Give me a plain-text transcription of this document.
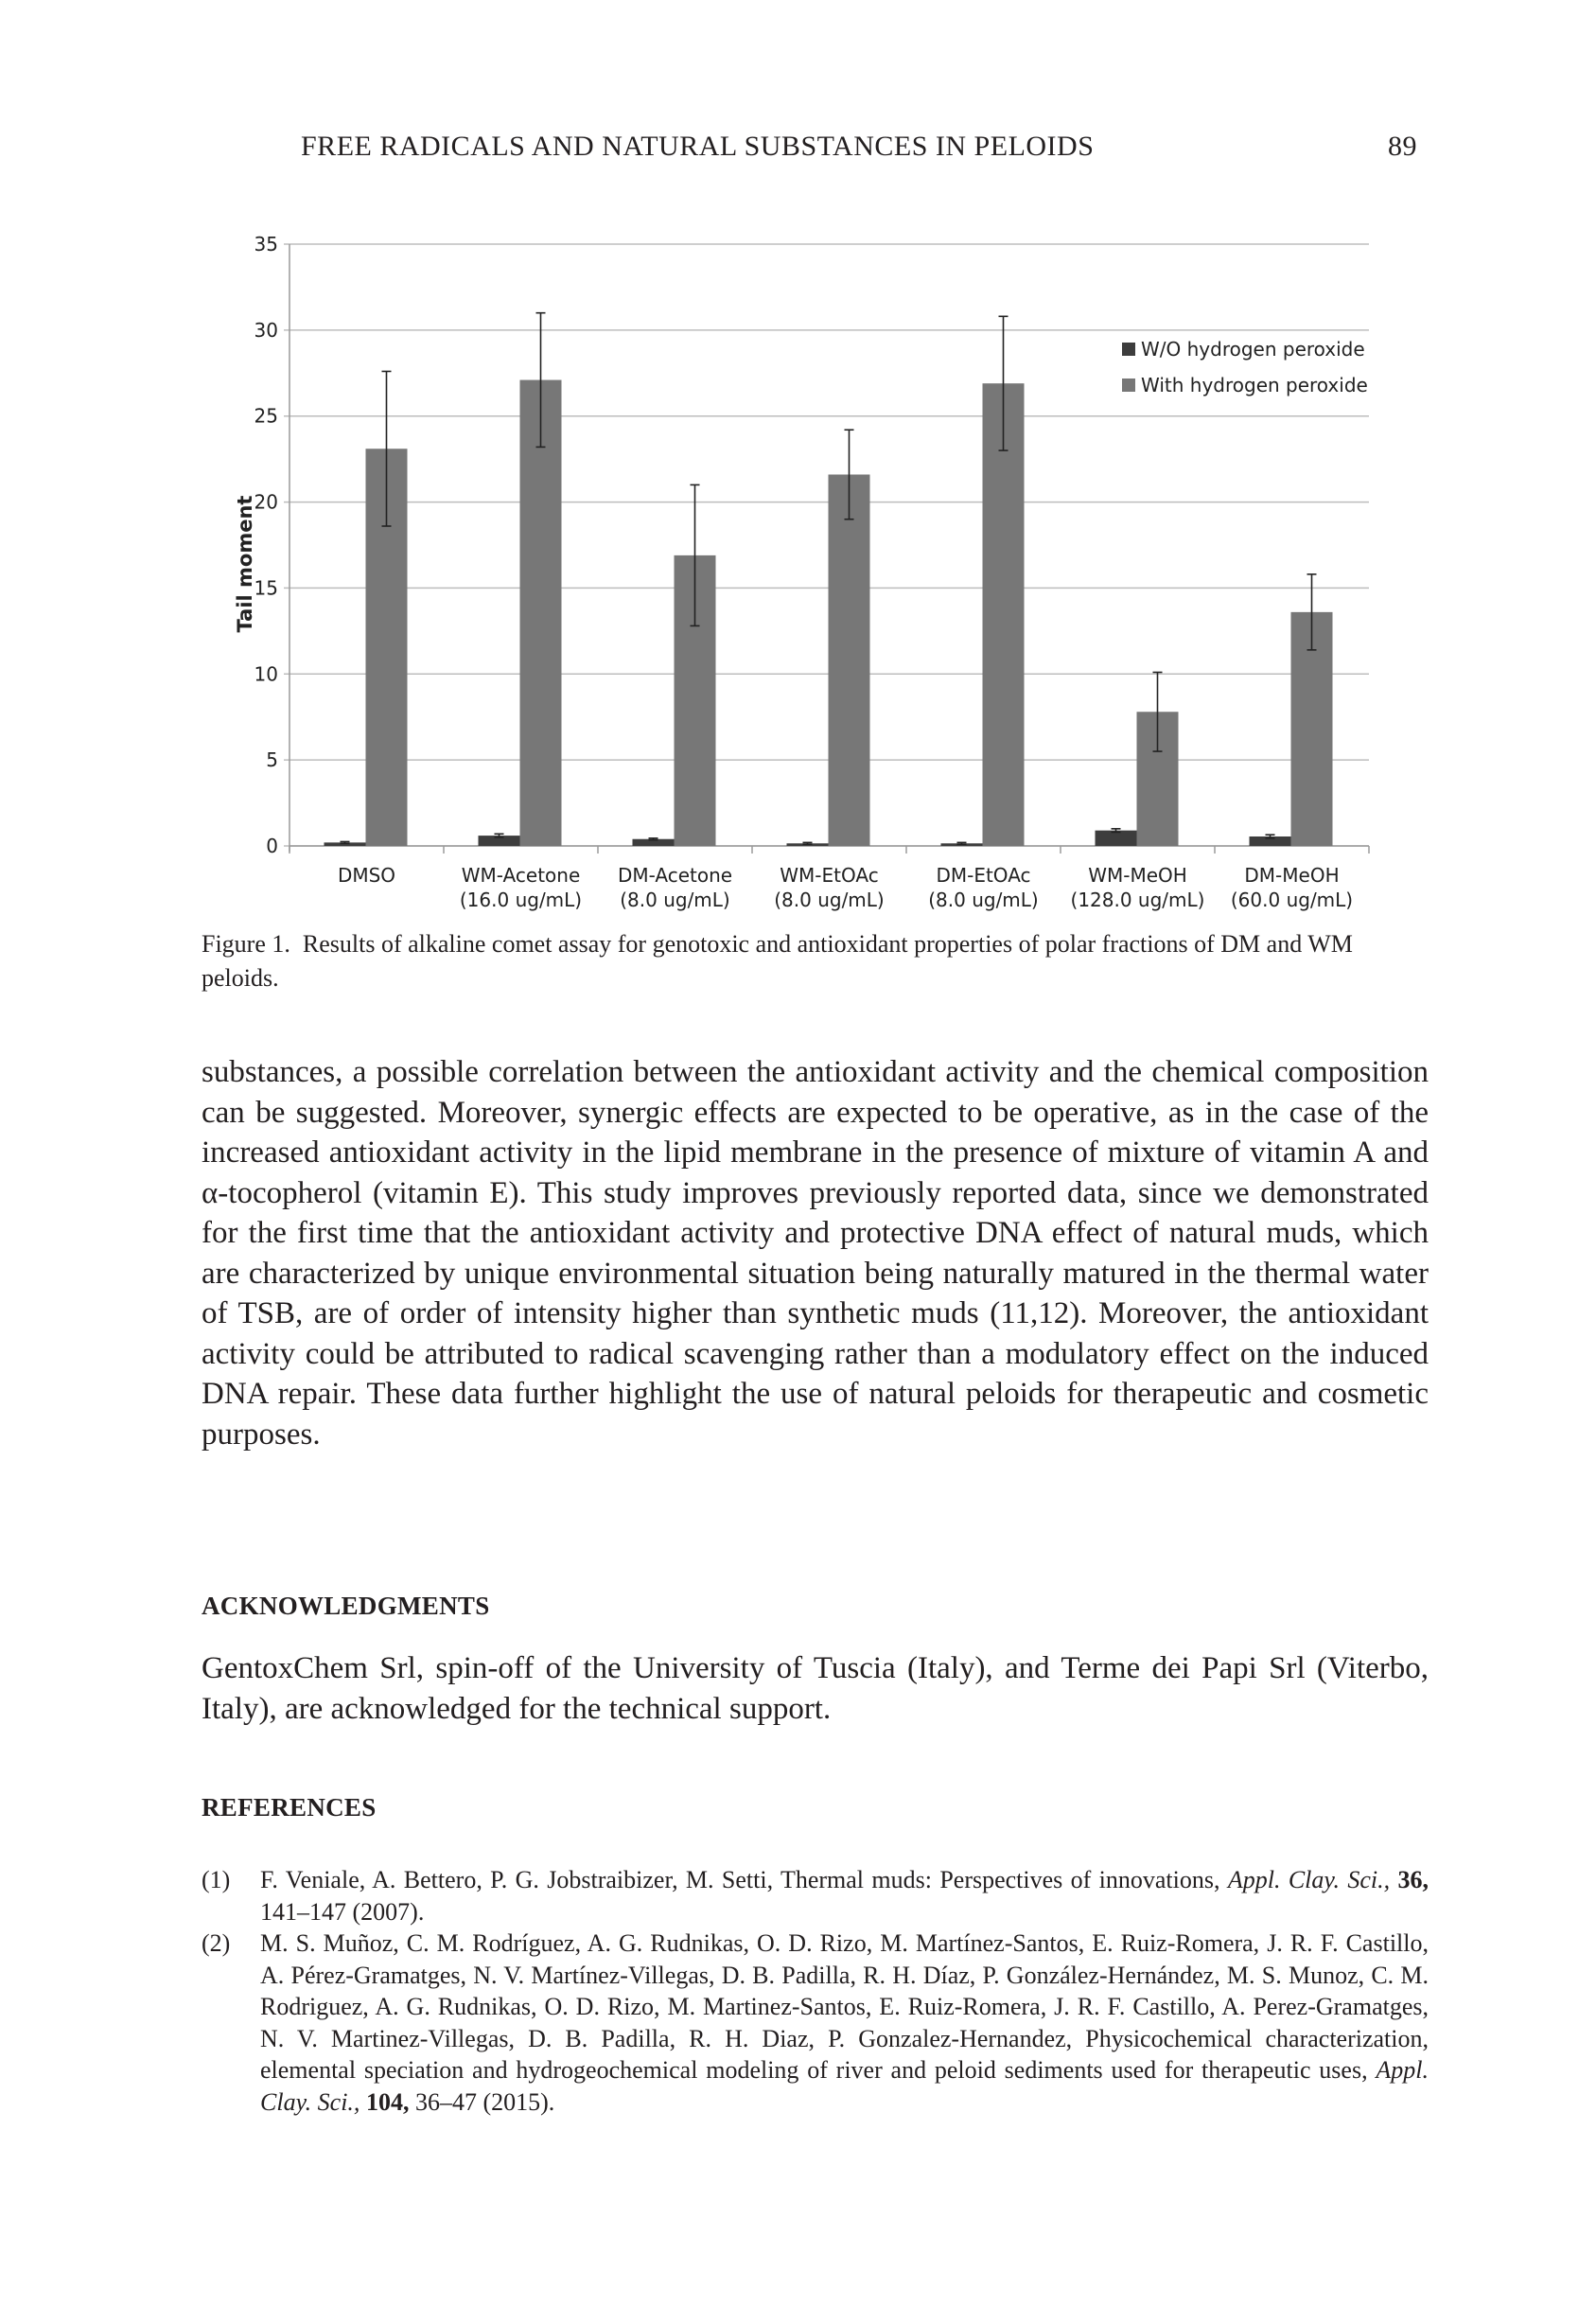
FREE RADICALS AND NATURAL SUBSTANCES IN PELOIDS	89
0
5
10
15
20
25
30
35
Tail moment
DMSO	WM-Acetone
(16.0 ug/mL)
DM-Acetone
(8.0 ug/mL)
WM-EtOAc
(8.0 ug/mL)
DM-EtOAc
(8.0 ug/mL)
WM-MeOH
(128.0 ug/mL)
DM-MeOH
(60.0 ug/mL)
W/O hydrogen peroxide
With hydrogen peroxide
Figure 1. Results of alkaline comet assay for genotoxic and antioxidant properties of polar fractions of DM and WM peloids.
substances, a possible correlation between the antioxidant activity and the chemical composition can be suggested. Moreover, synergic effects are expected to be operative, as in the case of the increased antioxidant activity in the lipid membrane in the presence of mixture of vitamin A and α-tocopherol (vitamin E). This study improves previously reported data, since we demonstrated for the first time that the antioxidant activity and protective DNA effect of natural muds, which are characterized by unique environmental situation being naturally matured in the thermal water of TSB, are of order of intensity higher than synthetic muds (11,12). Moreover, the antioxidant activity could be attributed to radical scavenging rather than a modulatory effect on the induced DNA repair. These data further highlight the use of natural peloids for therapeutic and cosmetic purposes.
ACKNOWLEDGMENTS
GentoxChem Srl, spin-off of the University of Tuscia (Italy), and Terme dei Papi Srl (Viterbo, Italy), are acknowledged for the technical support.
REFERENCES
(1) F. Veniale, A. Bettero, P. G. Jobstraibizer, M. Setti, Thermal muds: Perspectives of innovations, Appl. Clay. Sci., 36, 141–147 (2007).
(2) M. S. Muñoz, C. M. Rodríguez, A. G. Rudnikas, O. D. Rizo, M. Martínez-Santos, E. Ruiz-Romera, J. R. F. Castillo, A. Pérez-Gramatges, N. V. Martínez-Villegas, D. B. Padilla, R. H. Díaz, P. González-Hernández, M. S. Munoz, C. M. Rodriguez, A. G. Rudnikas, O. D. Rizo, M. Martinez-Santos, E. Ruiz-Romera, J. R. F. Castillo, A. Perez-Gramatges, N. V. Martinez-Villegas, D. B. Padilla, R. H. Diaz, P. Gonzalez-Hernandez, Physicochemical characterization, elemental speciation and hydrogeochemical modeling of river and peloid sediments used for therapeutic uses, Appl. Clay. Sci., 104, 36–47 (2015).
